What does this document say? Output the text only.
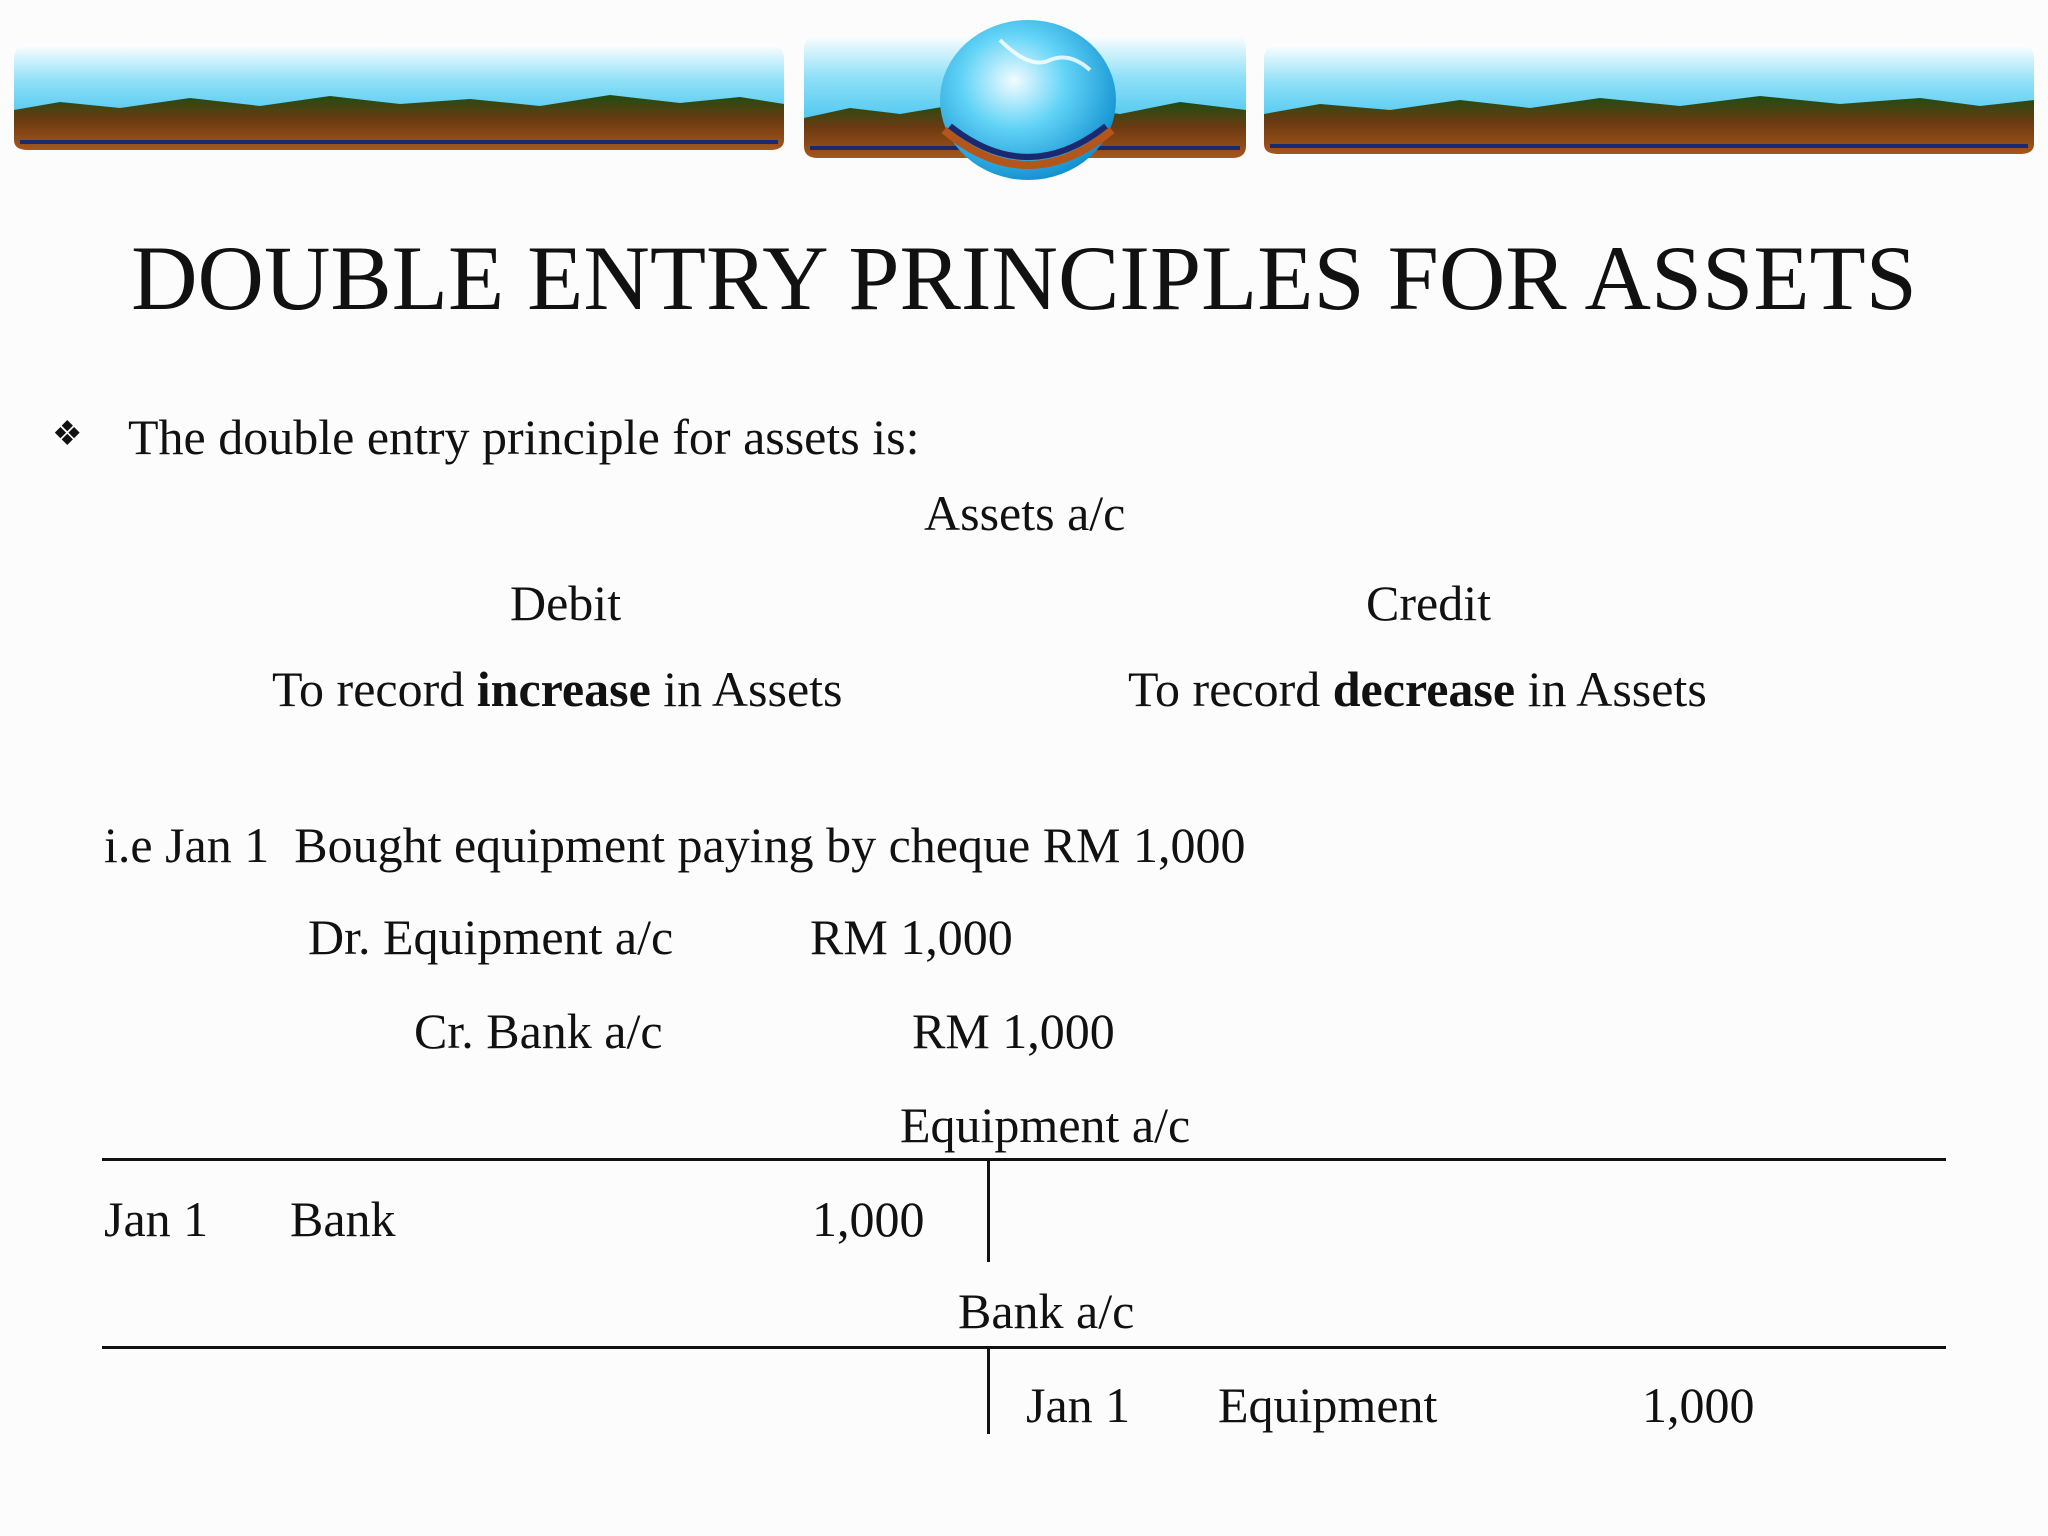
DOUBLE ENTRY PRINCIPLES FOR ASSETS
❖ The double entry principle for assets is:
Assets a/c
Debit	Credit
To record increase in Assets	To record decrease in Assets
i.e Jan 1  Bought equipment paying by cheque RM 1,000
Dr. Equipment a/c	RM 1,000
Cr. Bank a/c	RM 1,000
Equipment a/c
Jan 1 Bank	1,000
Bank a/c
Jan 1 Equipment	1,000
